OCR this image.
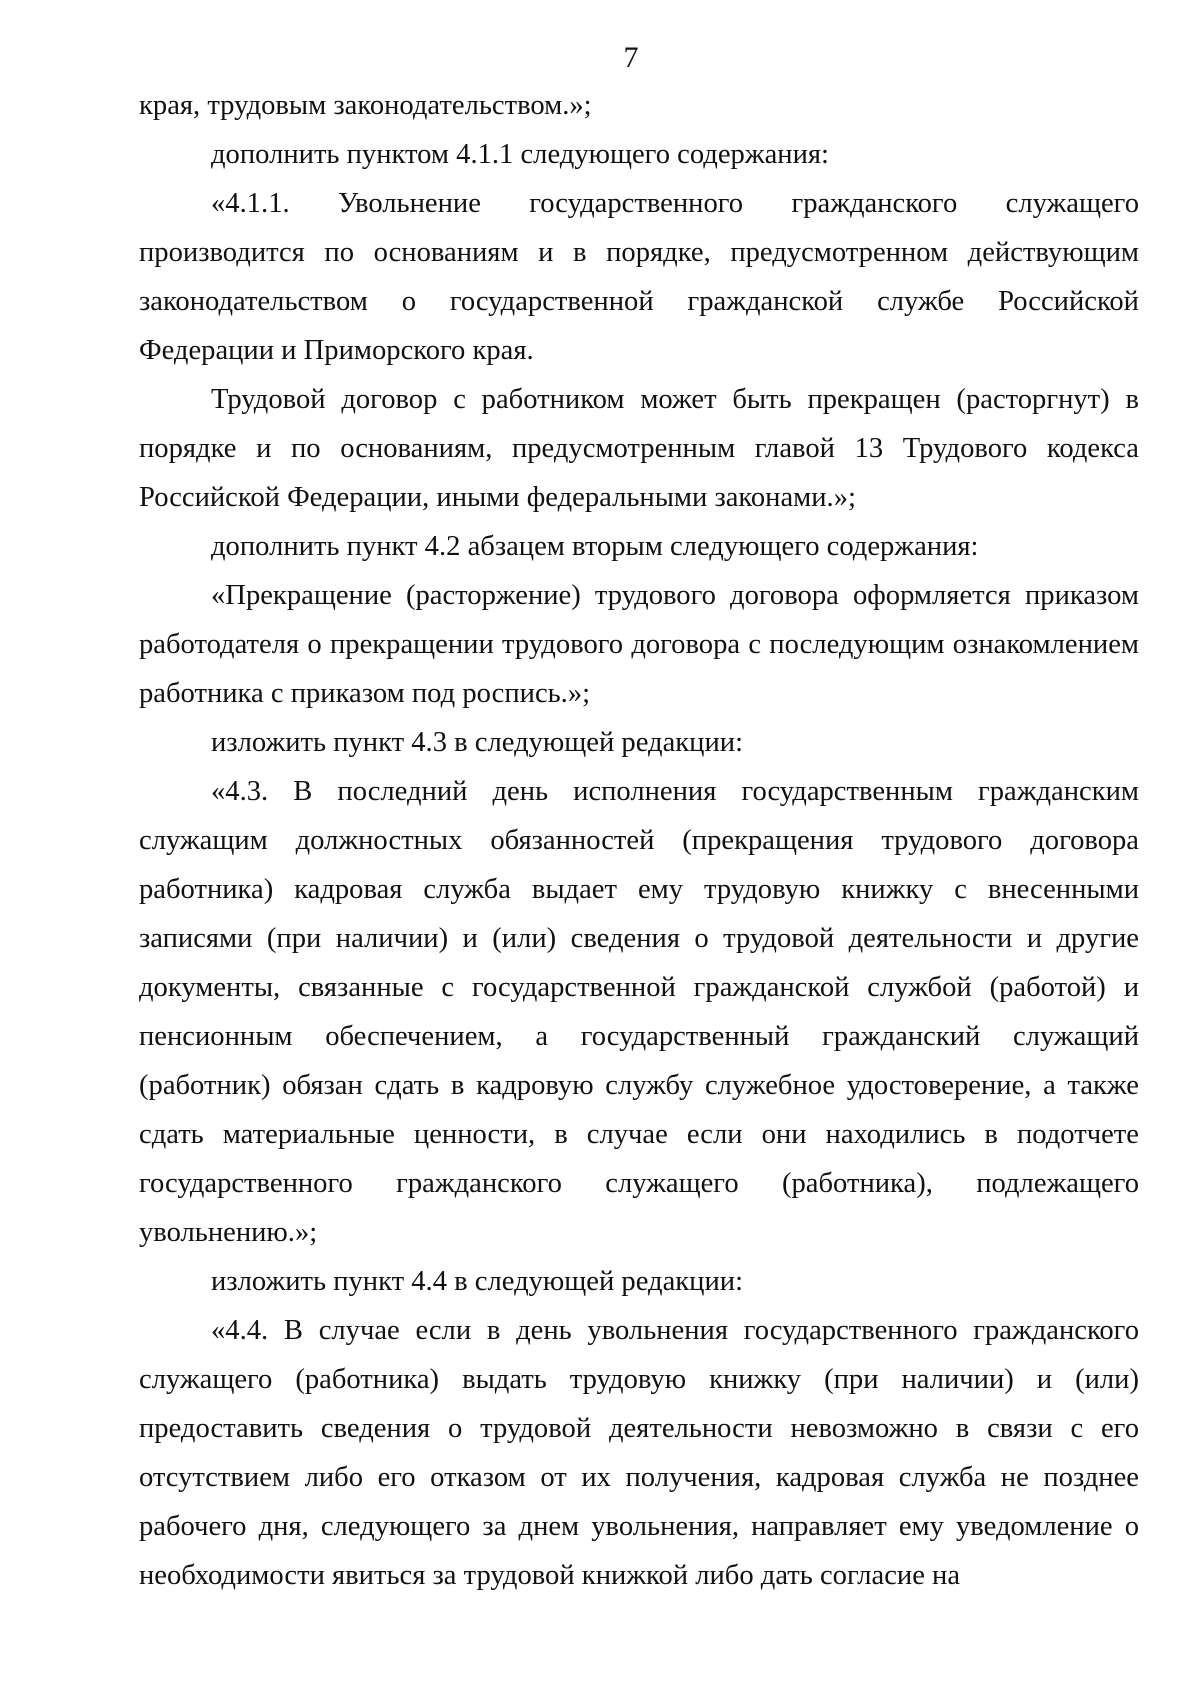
7

края, трудовым законодательством.»;

дополнить пунктом 4.1.1 следующего содержания:

«4.1.1. Увольнение государственного гражданского служащего производится по основаниям и в порядке, предусмотренном действующим законодательством о государственной гражданской службе Российской Федерации и Приморского края.

Трудовой договор с работником может быть прекращен (расторгнут) в порядке и по основаниям, предусмотренным главой 13 Трудового кодекса Российской Федерации, иными федеральными законами.»;

дополнить пункт 4.2 абзацем вторым следующего содержания:

«Прекращение (расторжение) трудового договора оформляется приказом работодателя о прекращении трудового договора с последующим ознакомлением работника с приказом под роспись.»;

изложить пункт 4.3 в следующей редакции:

«4.3. В последний день исполнения государственным гражданским служащим должностных обязанностей (прекращения трудового договора работника) кадровая служба выдает ему трудовую книжку с внесенными записями (при наличии) и (или) сведения о трудовой деятельности и другие документы, связанные с государственной гражданской службой (работой) и пенсионным обеспечением, а государственный гражданский служащий (работник) обязан сдать в кадровую службу служебное удостоверение, а также сдать материальные ценности, в случае если они находились в подотчете государственного гражданского служащего (работника), подлежащего увольнению.»;

изложить пункт 4.4 в следующей редакции:

«4.4. В случае если в день увольнения государственного гражданского служащего (работника) выдать трудовую книжку (при наличии) и (или) предоставить сведения о трудовой деятельности невозможно в связи с его отсутствием либо его отказом от их получения, кадровая служба не позднее рабочего дня, следующего за днем увольнения, направляет ему уведомление о необходимости явиться за трудовой книжкой либо дать согласие на
